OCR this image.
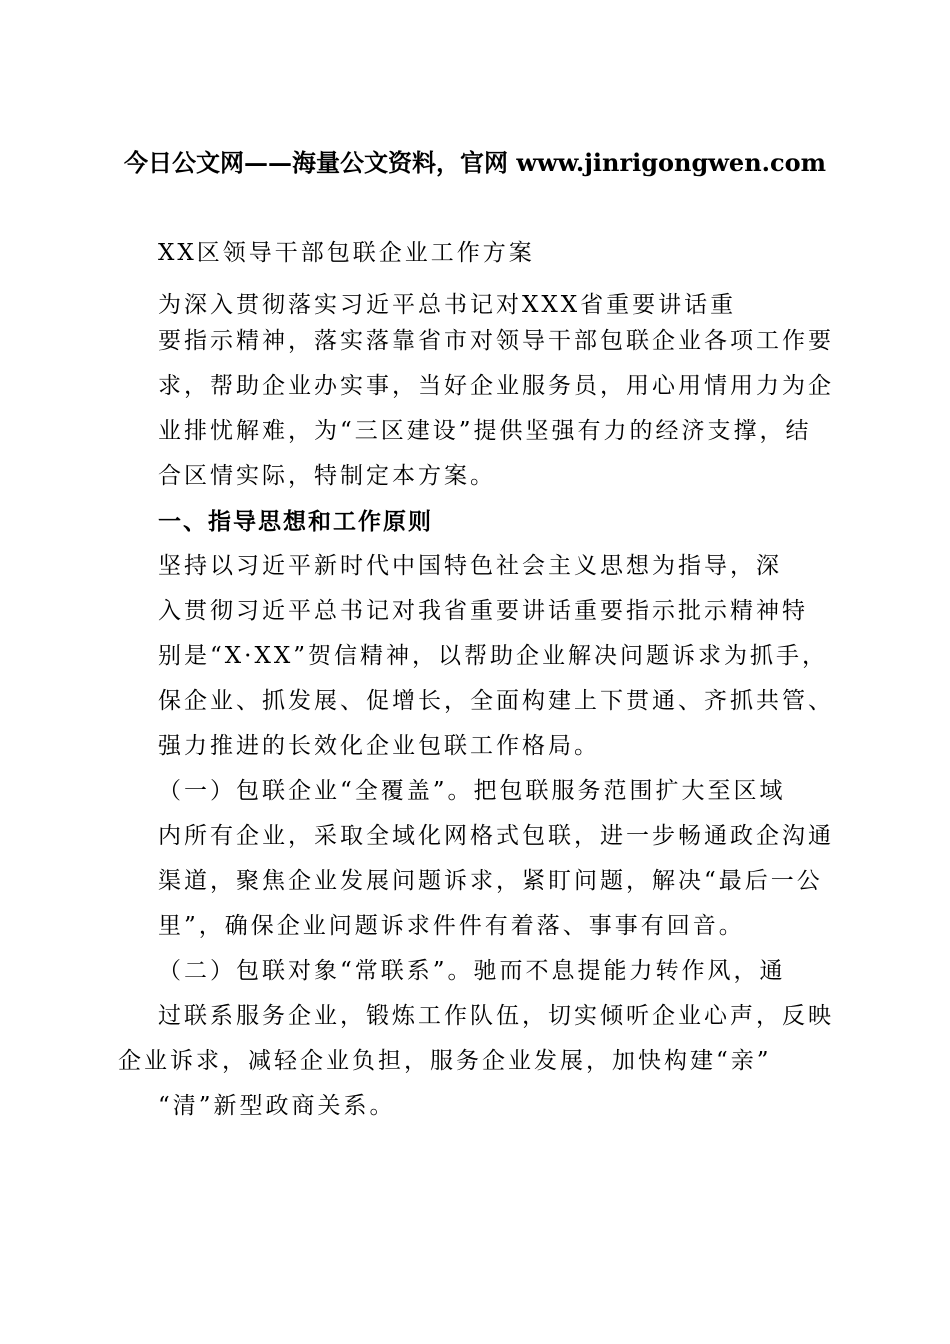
今日公文网——海量公文资料，官网 www.jinrigongwen.com
XX区领导干部包联企业工作方案
为深入贯彻落实习近平总书记对XXX省重要讲话重
要指示精神，落实落靠省市对领导干部包联企业各项工作要
求，帮助企业办实事，当好企业服务员，用心用情用力为企
业排忧解难，为“三区建设”提供坚强有力的经济支撑，结
合区情实际，特制定本方案。
一、指导思想和工作原则
坚持以习近平新时代中国特色社会主义思想为指导，深
入贯彻习近平总书记对我省重要讲话重要指示批示精神特
别是“X·XX”贺信精神，以帮助企业解决问题诉求为抓手，
保企业、抓发展、促增长，全面构建上下贯通、齐抓共管、
强力推进的长效化企业包联工作格局。
（一）包联企业“全覆盖”。把包联服务范围扩大至区域
内所有企业，采取全域化网格式包联，进一步畅通政企沟通
渠道，聚焦企业发展问题诉求，紧盯问题，解决“最后一公
里”，确保企业问题诉求件件有着落、事事有回音。
（二）包联对象“常联系”。驰而不息提能力转作风，通
过联系服务企业，锻炼工作队伍，切实倾听企业心声，反映
企业诉求，减轻企业负担，服务企业发展，加快构建“亲”
“清”新型政商关系。
